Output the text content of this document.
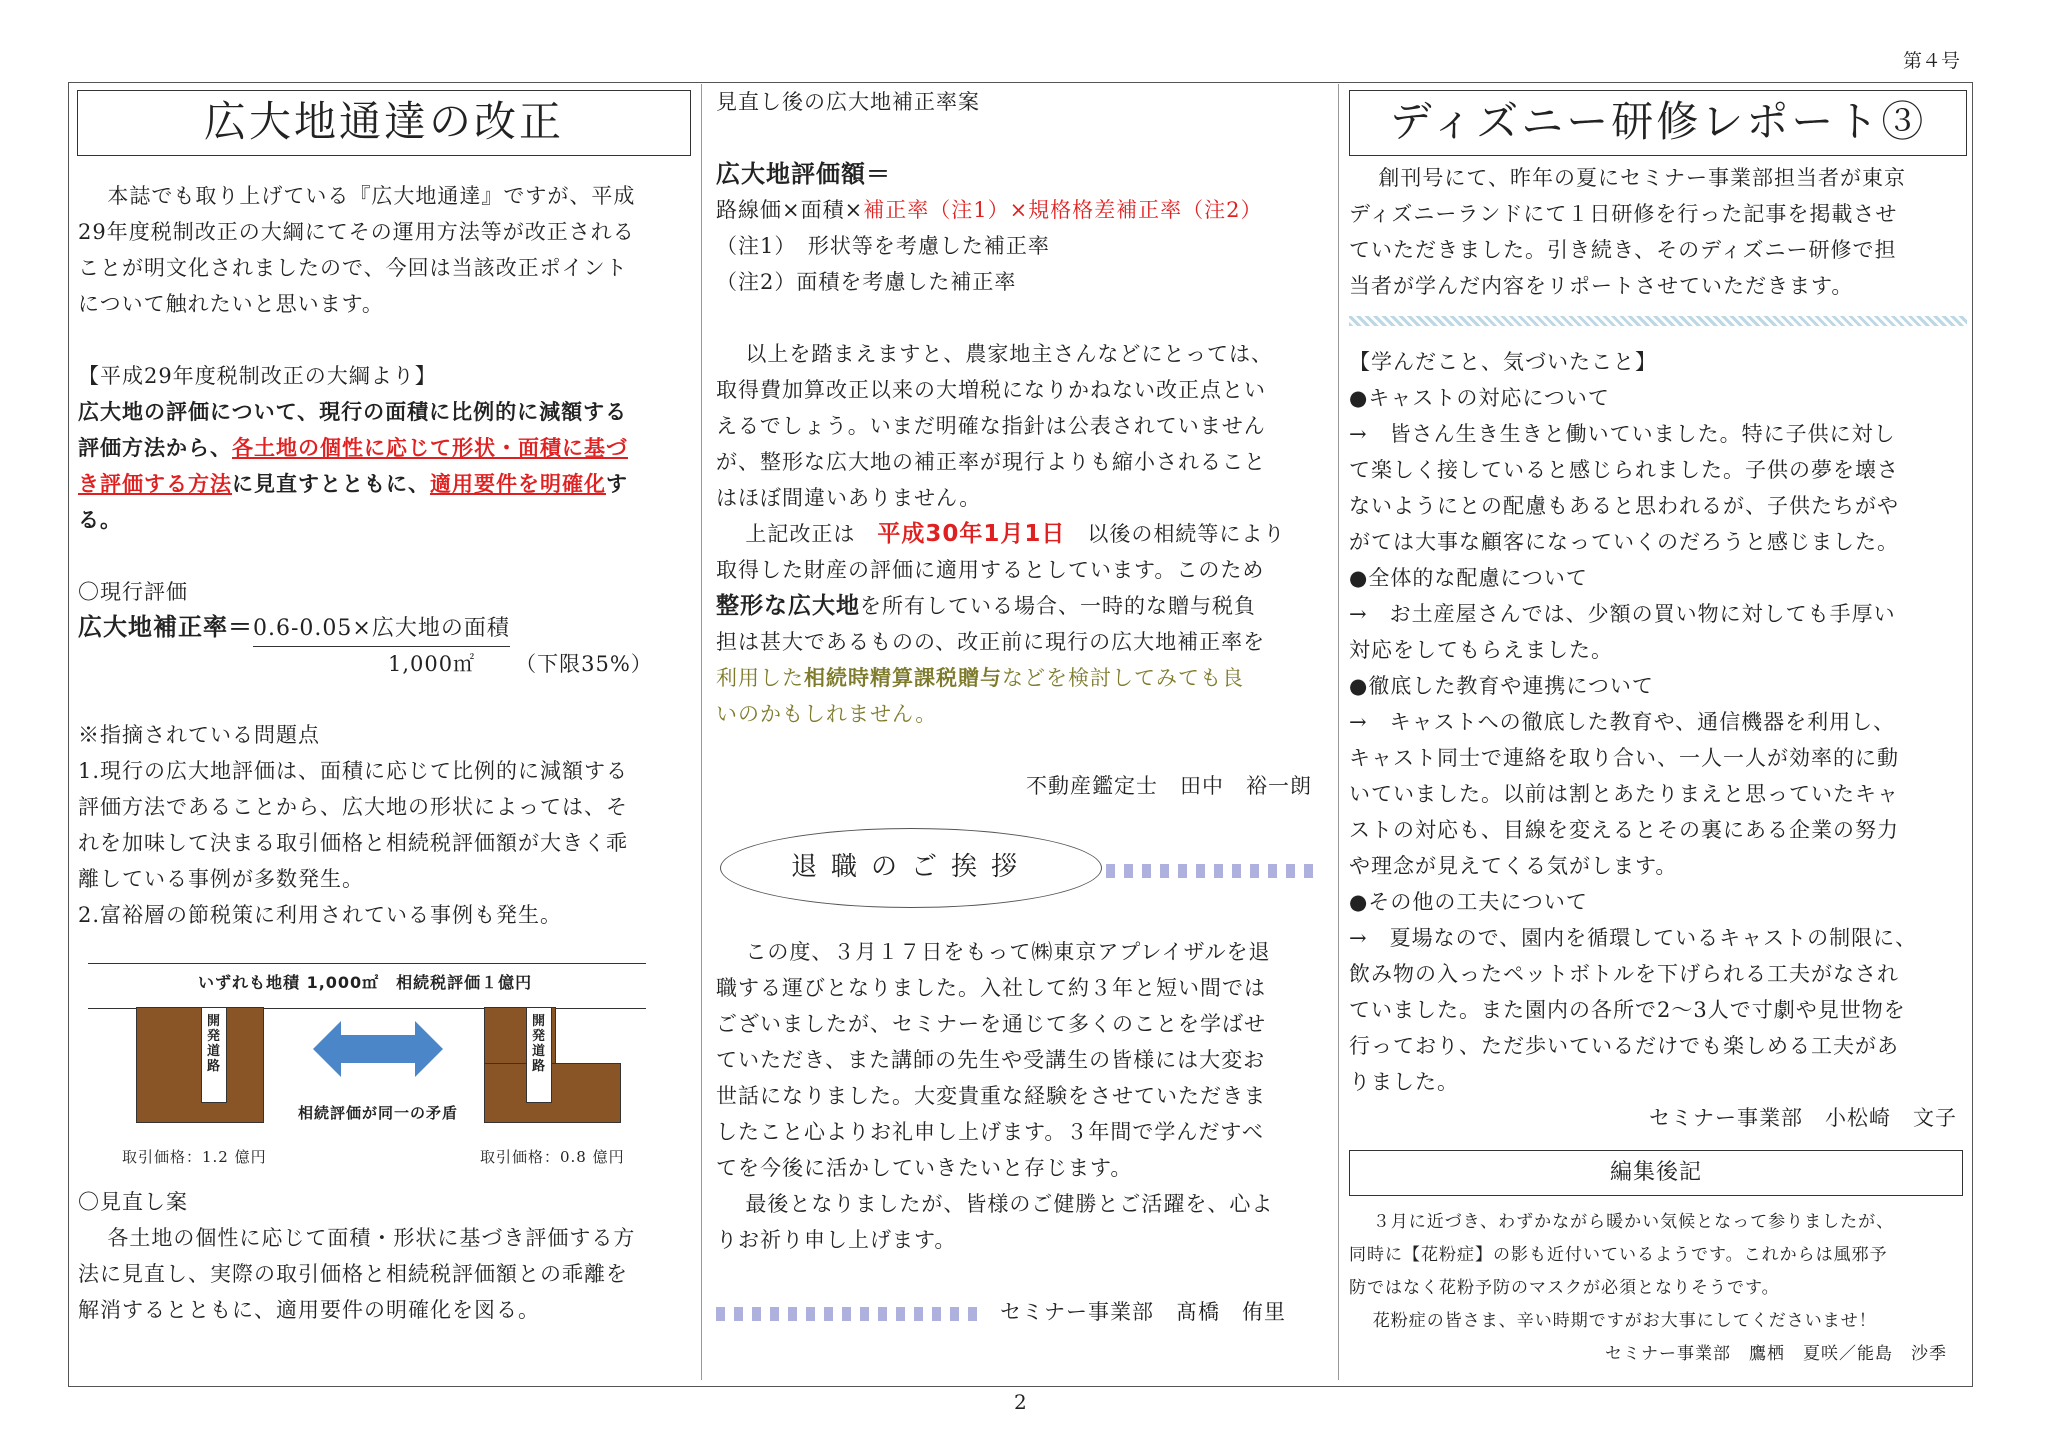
第４号
広大地通達の改正

本誌でも取り上げている『広大地通達』ですが、平成

29年度税制改正の大綱にてその運用方法等が改正される

ことが明文化されましたので、今回は当該改正ポイント

について触れたいと思います。

【平成29年度税制改正の大綱より】

広大地の評価について、現行の面積に比例的に減額する

評価方法から、各土地の個性に応じて形状・面積に基づ

き評価する方法に見直すとともに、適用要件を明確化す

る。

〇現行評価

広大地補正率＝0.6-0.05×広大地の面積
1,000㎡ （下限35%）

※指摘されている問題点

1.現行の広大地評価は、面積に応じて比例的に減額する

評価方法であることから、広大地の形状によっては、そ

れを加味して決まる取引価格と相続税評価額が大きく乖

離している事例が多数発生。

2.富裕層の節税策に利用されている事例も発生。

いずれも地積 1,000㎡　相続税評価１億円
開発道路
開発道路
相続評価が同一の矛盾
取引価格：1.2 億円	取引価格：0.8 億円

〇見直し案

各土地の個性に応じて面積・形状に基づき評価する方

法に見直し、実際の取引価格と相続税評価額との乖離を

解消するとともに、適用要件の明確化を図る。

見直し後の広大地補正率案

広大地評価額＝

路線価×面積×補正率（注1）×規格格差補正率（注2）

（注1）　形状等を考慮した補正率

（注2）面積を考慮した補正率

以上を踏まえますと、農家地主さんなどにとっては、

取得費加算改正以来の大増税になりかねない改正点とい

えるでしょう。いまだ明確な指針は公表されていません

が、整形な広大地の補正率が現行よりも縮小されること

はほぼ間違いありません。

上記改正は　 平成30年1月1日　 以後の相続等により

取得した財産の評価に適用するとしています。このため

整形な広大地を所有している場合、一時的な贈与税負

担は甚大であるものの、改正前に現行の広大地補正率を

利用した相続時精算課税贈与などを検討してみても良

いのかもしれません。

不動産鑑定士　田中　裕一朗

退職のご挨拶

この度、３月１７日をもって㈱東京アプレイザルを退

職する運びとなりました。入社して約３年と短い間では

ございましたが、セミナーを通じて多くのことを学ばせ

ていただき、また講師の先生や受講生の皆様には大変お

世話になりました。大変貴重な経験をさせていただきま

したこと心よりお礼申し上げます。３年間で学んだすべ

てを今後に活かしていきたいと存じます。

最後となりましたが、皆様のご健勝とご活躍を、心よ

りお祈り申し上げます。

セミナー事業部　髙橋　侑里

ディズニー研修レポート③

創刊号にて、昨年の夏にセミナー事業部担当者が東京

ディズニーランドにて１日研修を行った記事を掲載させ

ていただきました。引き続き、そのディズニー研修で担

当者が学んだ内容をリポートさせていただきます。

【学んだこと、気づいたこと】

●キャストの対応について

→　皆さん生き生きと働いていました。特に子供に対し

て楽しく接していると感じられました。子供の夢を壊さ

ないようにとの配慮もあると思われるが、子供たちがや

がては大事な顧客になっていくのだろうと感じました。

●全体的な配慮について

→　お土産屋さんでは、少額の買い物に対しても手厚い

対応をしてもらえました。

●徹底した教育や連携について

→　キャストへの徹底した教育や、通信機器を利用し、

キャスト同士で連絡を取り合い、一人一人が効率的に動

いていました。以前は割とあたりまえと思っていたキャ

ストの対応も、目線を変えるとその裏にある企業の努力

や理念が見えてくる気がします。

●その他の工夫について

→　夏場なので、園内を循環しているキャストの制限に、

飲み物の入ったペットボトルを下げられる工夫がなされ

ていました。また園内の各所で2～3人で寸劇や見世物を

行っており、ただ歩いているだけでも楽しめる工夫があ

りました。

セミナー事業部　小松崎　文子

編集後記

３月に近づき、わずかながら暖かい気候となって参りましたが、

同時に【花粉症】の影も近付いているようです。これからは風邪予

防ではなく花粉予防のマスクが必須となりそうです。

花粉症の皆さま、辛い時期ですがお大事にしてくださいませ！

セミナー事業部　鷹栖　夏咲／能島　沙季

2
